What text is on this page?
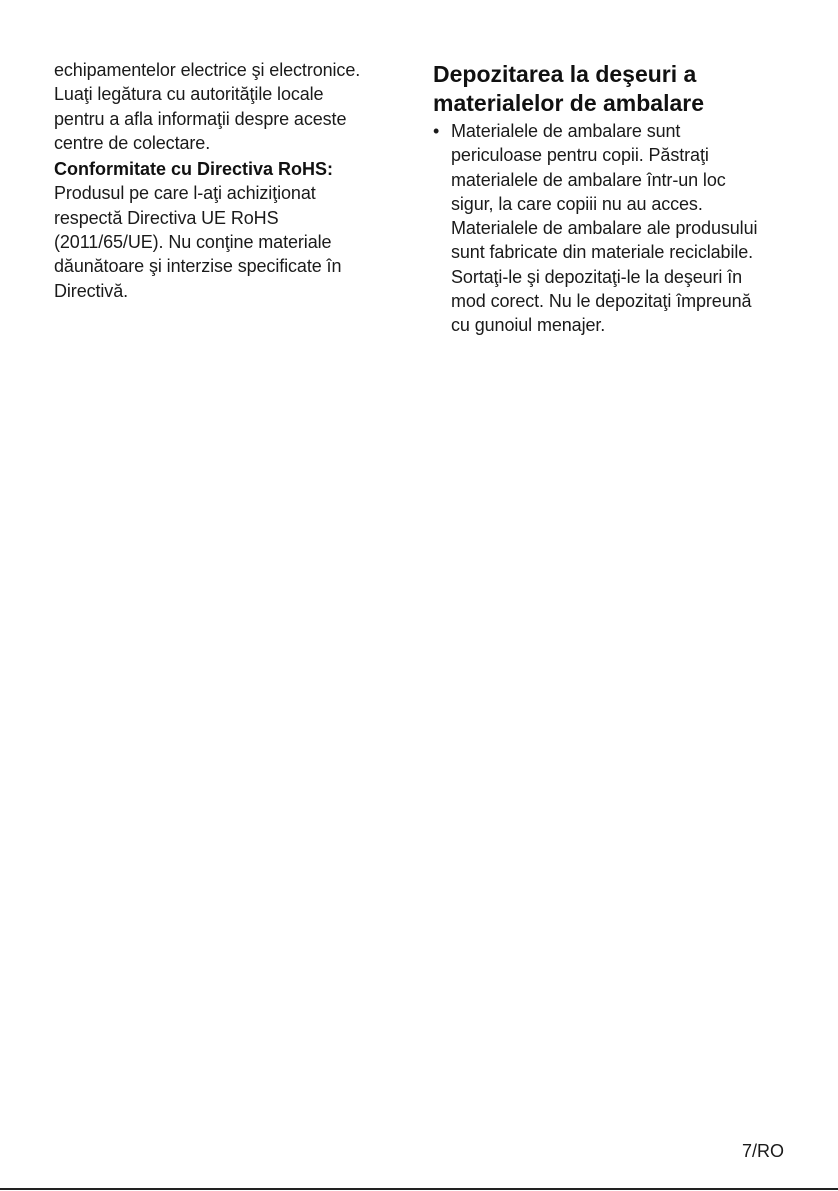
echipamentelor electrice şi electronice.
Luaţi legătura cu autorităţile locale
pentru a afla informaţii despre aceste
centre de colectare.
Conformitate cu Directiva RoHS:
Produsul pe care l-aţi achiziţionat
respectă Directiva UE RoHS
(2011/65/UE). Nu conţine materiale
dăunătoare şi interzise specificate în
Directivă.
Depozitarea la deşeuri a
materialelor de ambalare
• Materialele de ambalare sunt
periculoase pentru copii. Păstraţi
materialele de ambalare într-un loc
sigur, la care copiii nu au acces.
Materialele de ambalare ale produsului
sunt fabricate din materiale reciclabile.
Sortaţi-le şi depozitaţi-le la deşeuri în
mod corect. Nu le depozitaţi împreună
cu gunoiul menajer.
7/RO
